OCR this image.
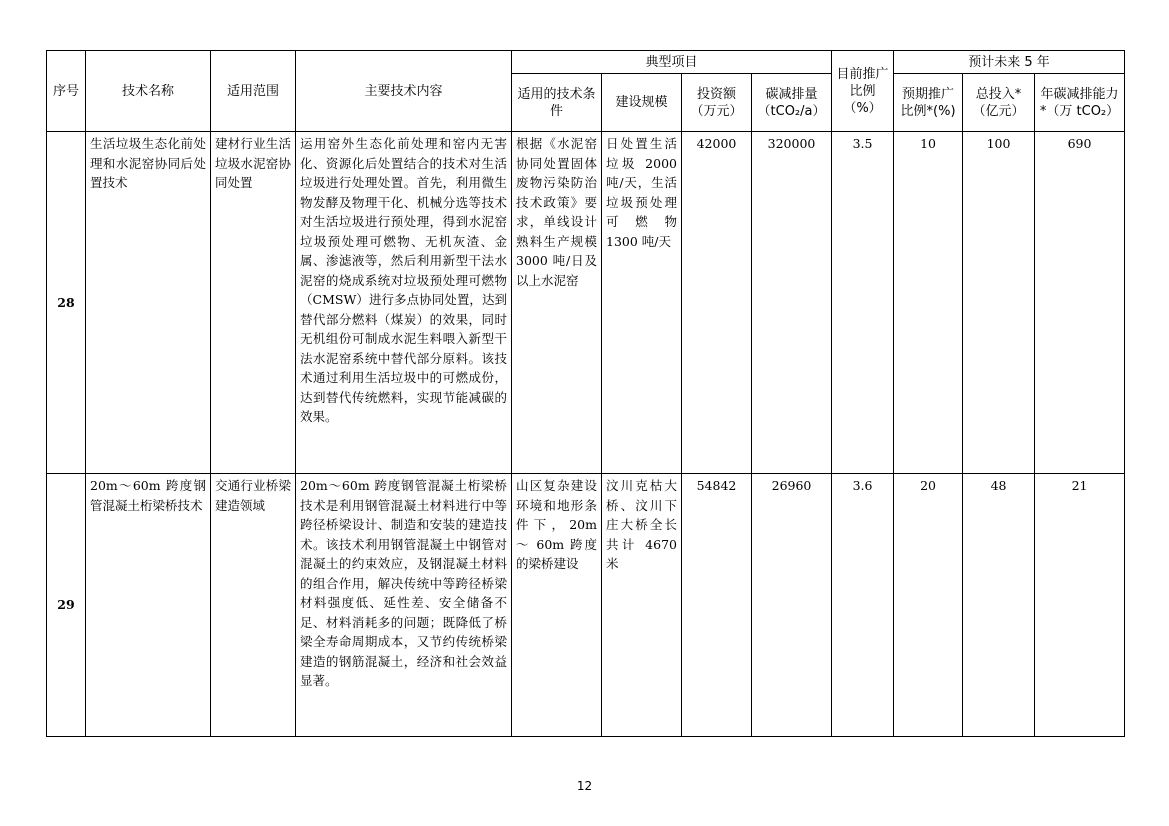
序号	技术名称	适用范围	主要技术内容	典型项目				目前推广比例（%）	预计未来 5 年		
				适用的技术条件	建设规模	投资额（万元）	碳减排量（tCO₂/a）		预期推广比例*(%)	总投入*（亿元）	年碳减排能力*（万 tCO₂）
28	生活垃圾生态化前处理和水泥窑协同后处置技术	建材行业生活垃圾水泥窑协同处置	运用窑外生态化前处理和窑内无害化、资源化后处置结合的技术对生活垃圾进行处理处置。首先，利用微生物发酵及物理干化、机械分选等技术对生活垃圾进行预处理，得到水泥窑垃圾预处理可燃物、无机灰渣、金属、渗滤液等，然后利用新型干法水泥窑的烧成系统对垃圾预处理可燃物（CMSW）进行多点协同处置，达到替代部分燃料（煤炭）的效果，同时无机组份可制成水泥生料喂入新型干法水泥窑系统中替代部分原料。该技术通过利用生活垃圾中的可燃成份，达到替代传统燃料，实现节能减碳的效果。	根据《水泥窑协同处置固体废物污染防治技术政策》要求，单线设计熟料生产规模3000 吨/日及以上水泥窑	日处置生活垃圾 2000 吨/天，生活垃圾预处理可燃物 1300 吨/天	42000	320000	3.5	10	100	690
29	20m～60m 跨度钢管混凝土桁梁桥技术	交通行业桥梁建造领域	20m～60m 跨度钢管混凝土桁梁桥技术是利用钢管混凝土材料进行中等跨径桥梁设计、制造和安装的建造技术。该技术利用钢管混凝土中钢管对混凝土的约束效应，及钢混凝土材料的组合作用，解决传统中等跨径桥梁材料强度低、延性差、安全储备不足、材料消耗多的问题；既降低了桥梁全寿命周期成本，又节约传统桥梁建造的钢筋混凝土，经济和社会效益显著。	山区复杂建设环境和地形条件下，20m ～ 60m 跨度的梁桥建设	汶川克枯大桥、汶川下庄大桥全长共计 4670 米	54842	26960	3.6	20	48	21
12
